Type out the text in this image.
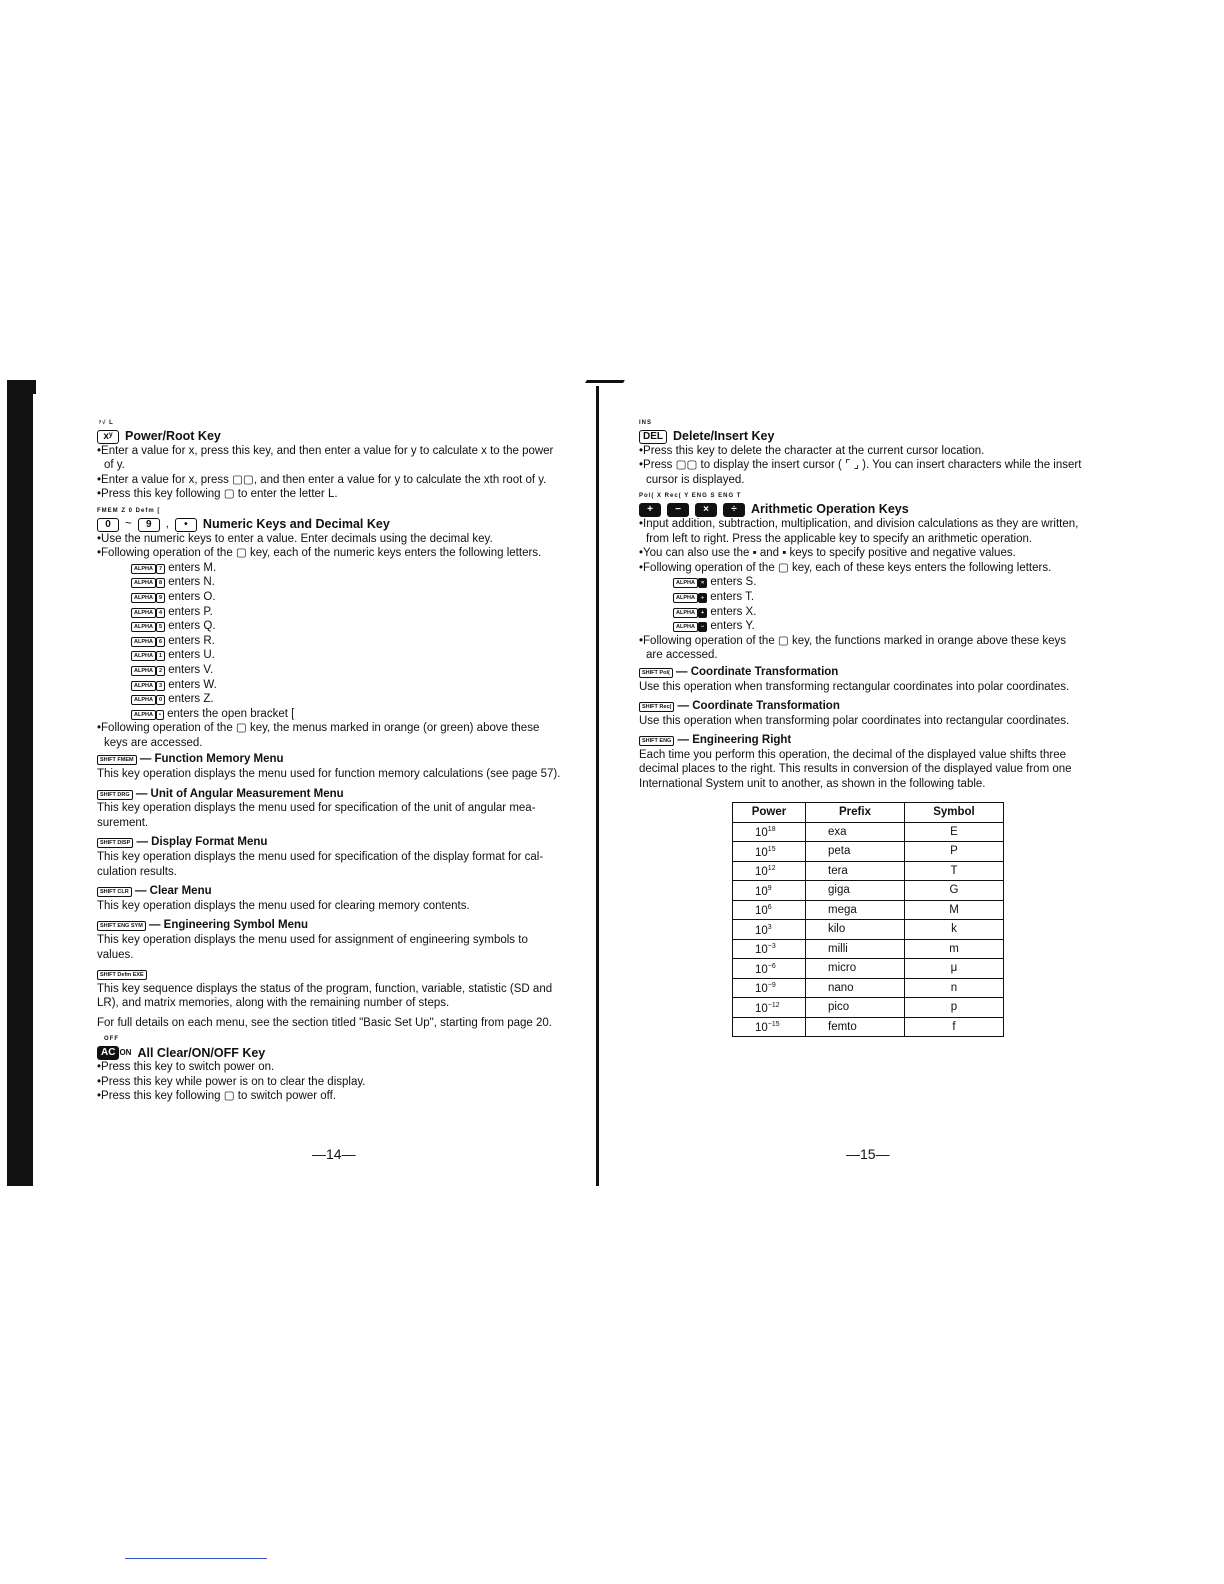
ʸ√ L
xʸ Power/Root Key
•Enter a value for x, press this key, and then enter a value for y to calculate x to the power
of y.
•Enter a value for x, press ▢▢, and then enter a value for y to calculate the xth root of y.
•Press this key following ▢ to enter the letter L.
FMEM Z 0 Defm [
0	~	9	,	•	Numeric Keys and Decimal Key
•Use the numeric keys to enter a value. Enter decimals using the decimal key.
•Following operation of the ▢ key, each of the numeric keys enters the following letters.
ALPHA 7 enters M.
ALPHA 8 enters N.
ALPHA 9 enters O.
ALPHA 4 enters P.
ALPHA 5 enters Q.
ALPHA 6 enters R.
ALPHA 1 enters U.
ALPHA 2 enters V.
ALPHA 3 enters W.
ALPHA 0 enters Z.
ALPHA • enters the open bracket [
•Following operation of the ▢ key, the menus marked in orange (or green) above these
keys are accessed.
SHIFT FMEM — Function Memory Menu
This key operation displays the menu used for function memory calculations (see page 57).
SHIFT DRG — Unit of Angular Measurement Menu
This key operation displays the menu used for specification of the unit of angular mea-surement.
SHIFT DISP — Display Format Menu
This key operation displays the menu used for specification of the display format for cal-culation results.
SHIFT CLR — Clear Menu
This key operation displays the menu used for clearing memory contents.
SHIFT ENG SYM — Engineering Symbol Menu
This key operation displays the menu used for assignment of engineering symbols to values.
SHIFT Defm EXE
This key sequence displays the status of the program, function, variable, statistic (SD and LR), and matrix memories, along with the remaining number of steps.
For full details on each menu, see the section titled "Basic Set Up", starting from page 20.
OFF
AC ON All Clear/ON/OFF Key
•Press this key to switch power on.
•Press this key while power is on to clear the display.
•Press this key following ▢ to switch power off.
—14—
INS
DEL Delete/Insert Key
•Press this key to delete the character at the current cursor location.
•Press ▢▢ to display the insert cursor ( ⌜ ⌟ ). You can insert characters while the insert
cursor is displayed.
Pol( X Rec( Y ENG S ENG T
+	−	×	÷	Arithmetic Operation Keys
•Input addition, subtraction, multiplication, and division calculations as they are written,
from left to right. Press the applicable key to specify an arithmetic operation.
•You can also use the ▪ and ▪ keys to specify positive and negative values.
•Following operation of the ▢ key, each of these keys enters the following letters.
ALPHA × enters S.
ALPHA ÷ enters T.
ALPHA + enters X.
ALPHA − enters Y.
•Following operation of the ▢ key, the functions marked in orange above these keys
are accessed.
SHIFT Pol( — Coordinate Transformation
Use this operation when transforming rectangular coordinates into polar coordinates.
SHIFT Rec( — Coordinate Transformation
Use this operation when transforming polar coordinates into rectangular coordinates.
SHIFT ENG — Engineering Right
Each time you perform this operation, the decimal of the displayed value shifts three decimal places to the right. This results in conversion of the displayed value from one International System unit to another, as shown in the following table.
Power	Prefix	Symbol
$10^{18}$	exa	E
$10^{15}$	peta	P
$10^{12}$	tera	T
$10^9$	giga	G
$10^6$	mega	M
$10^3$	kilo	k
$10^{-3}$	milli	m
$10^{-6}$	micro	μ
$10^{-9}$	nano	n
$10^{-12}$	pico	p
$10^{-15}$	femto	f
—15—
